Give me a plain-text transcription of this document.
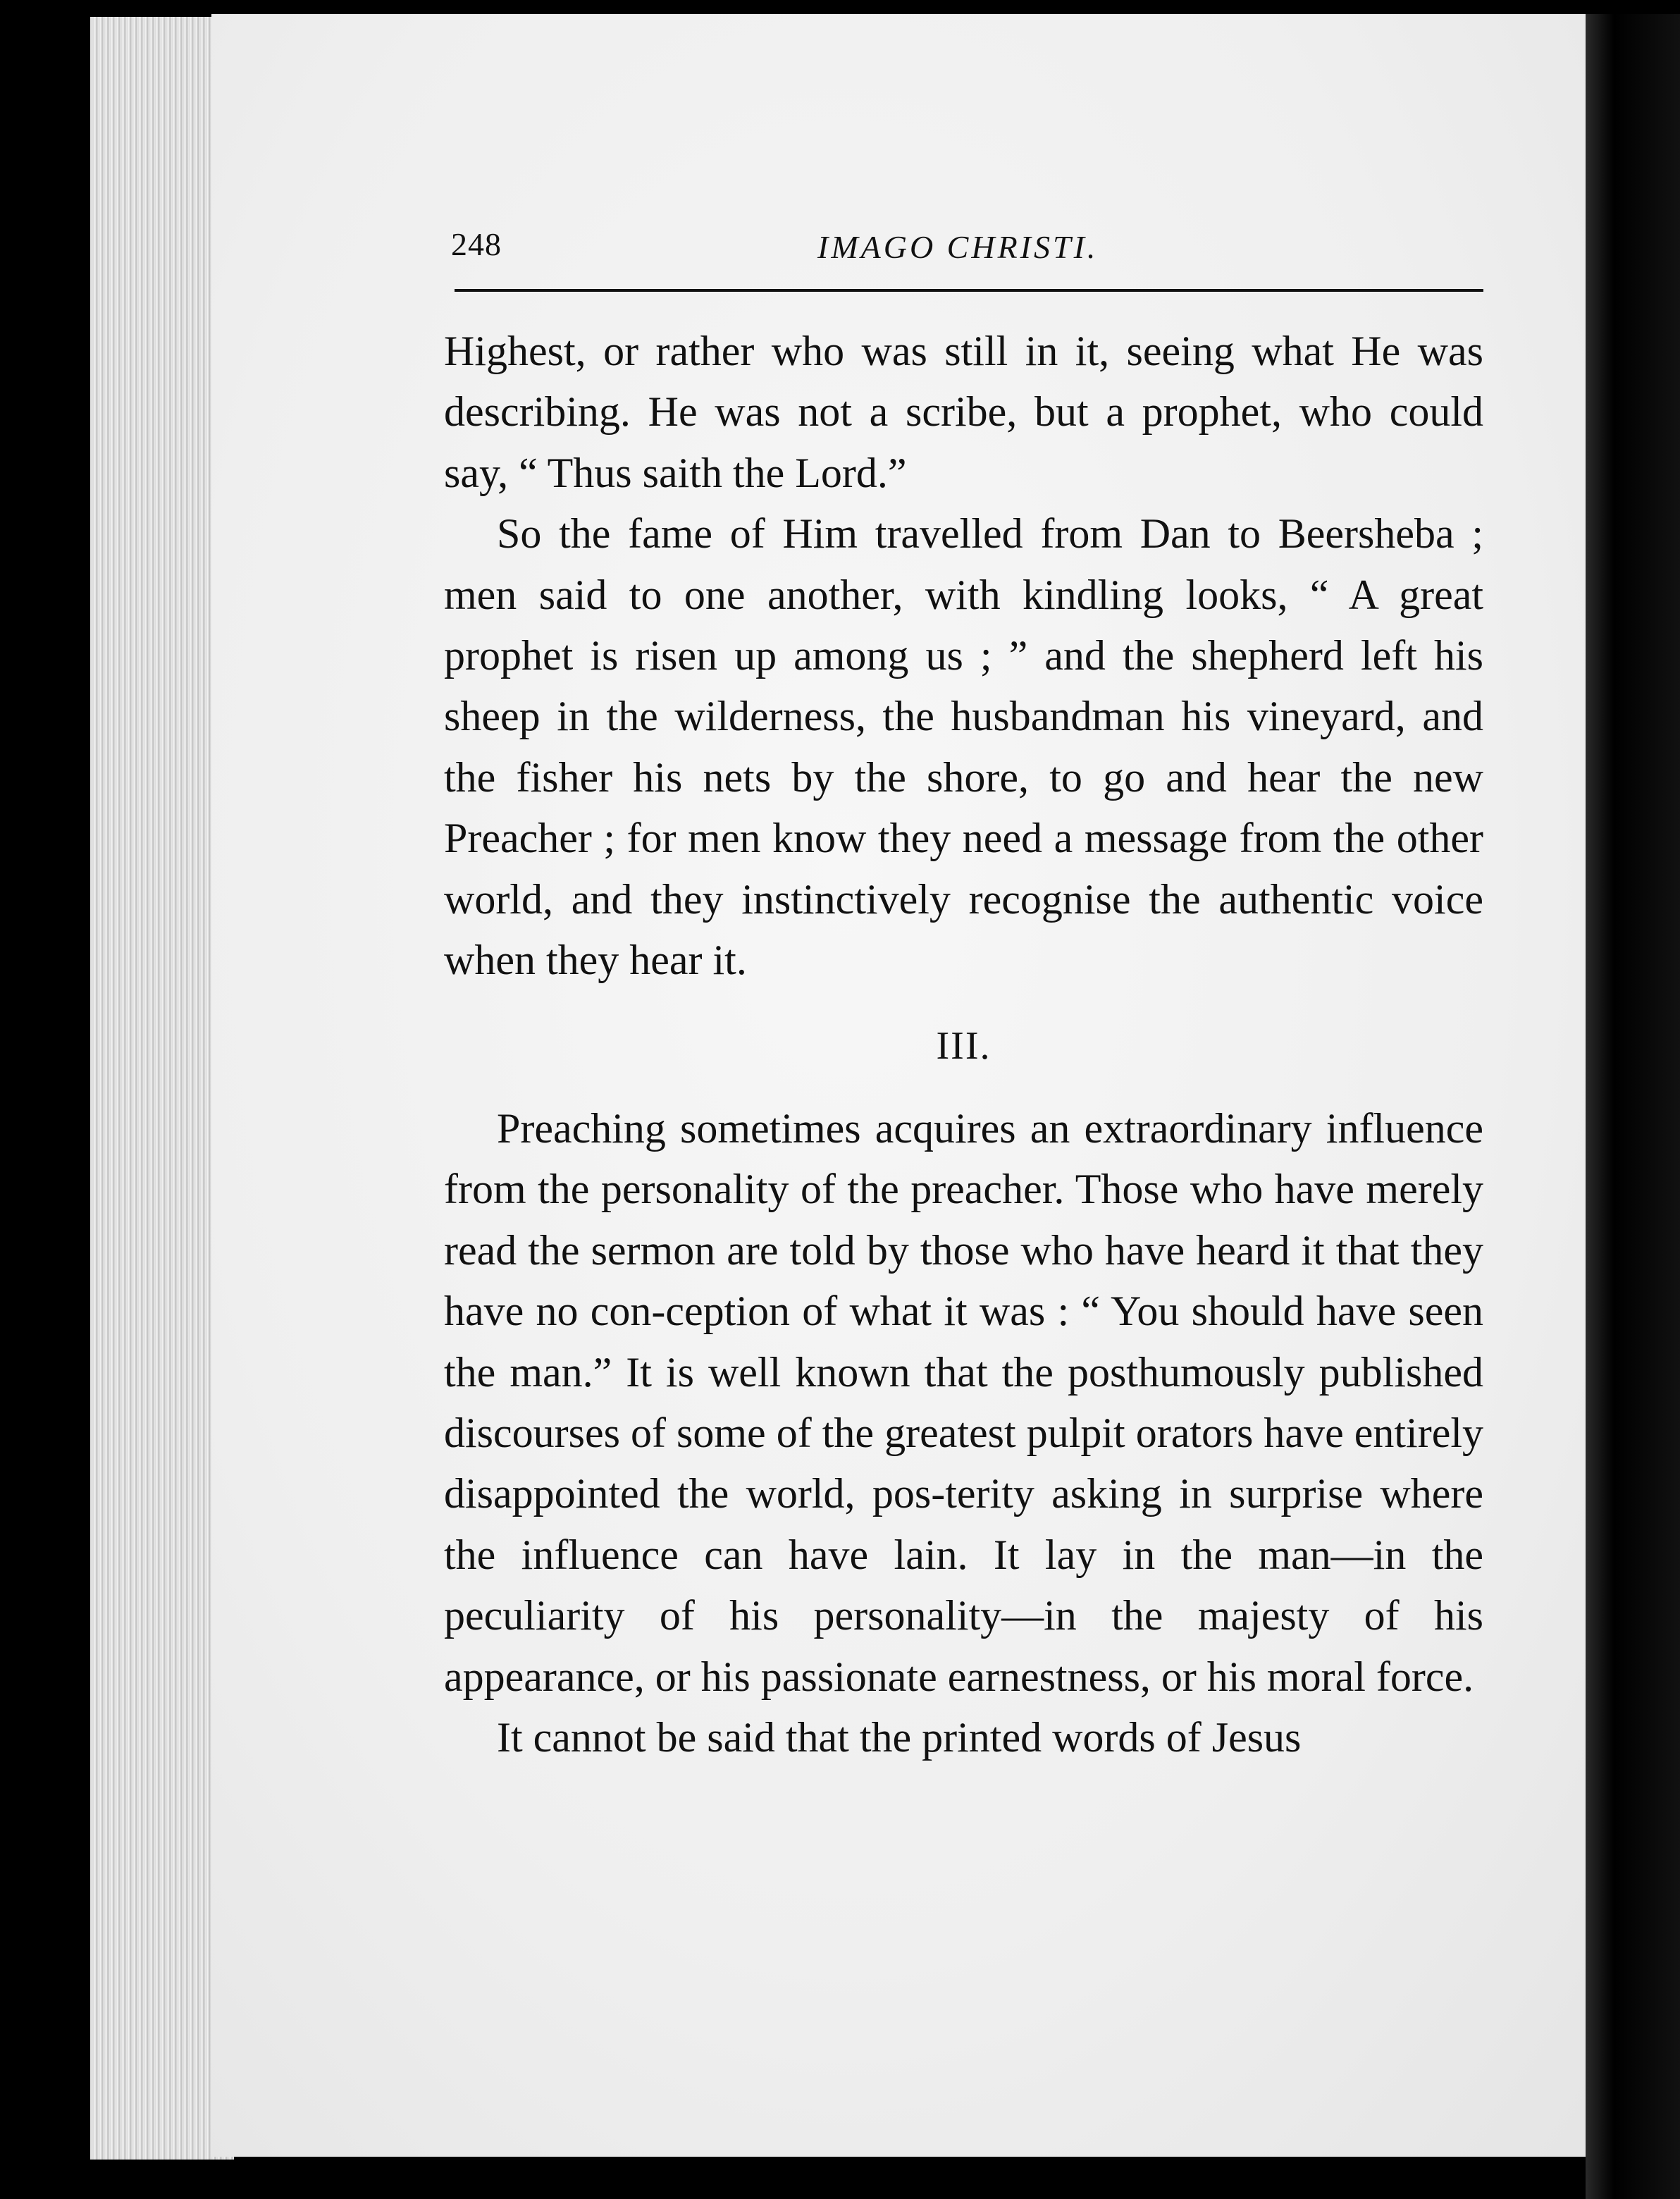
248	IMAGO CHRISTI.

Highest, or rather who was still in it, seeing what He was describing. He was not a scribe, but a prophet, who could say, “ Thus saith the Lord.”

So the fame of Him travelled from Dan to Beersheba ; men said to one another, with kindling looks, “ A great prophet is risen up among us ; ” and the shepherd left his sheep in the wilderness, the husbandman his vineyard, and the fisher his nets by the shore, to go and hear the new Preacher ; for men know they need a message from the other world, and they instinctively recognise the authentic voice when they hear it.

III.

Preaching sometimes acquires an extraordinary influence from the personality of the preacher. Those who have merely read the sermon are told by those who have heard it that they have no con-ception of what it was : “ You should have seen the man.” It is well known that the posthumously published discourses of some of the greatest pulpit orators have entirely disappointed the world, pos-terity asking in surprise where the influence can have lain. It lay in the man—in the peculiarity of his personality—in the majesty of his appearance, or his passionate earnestness, or his moral force.

It cannot be said that the printed words of Jesus
